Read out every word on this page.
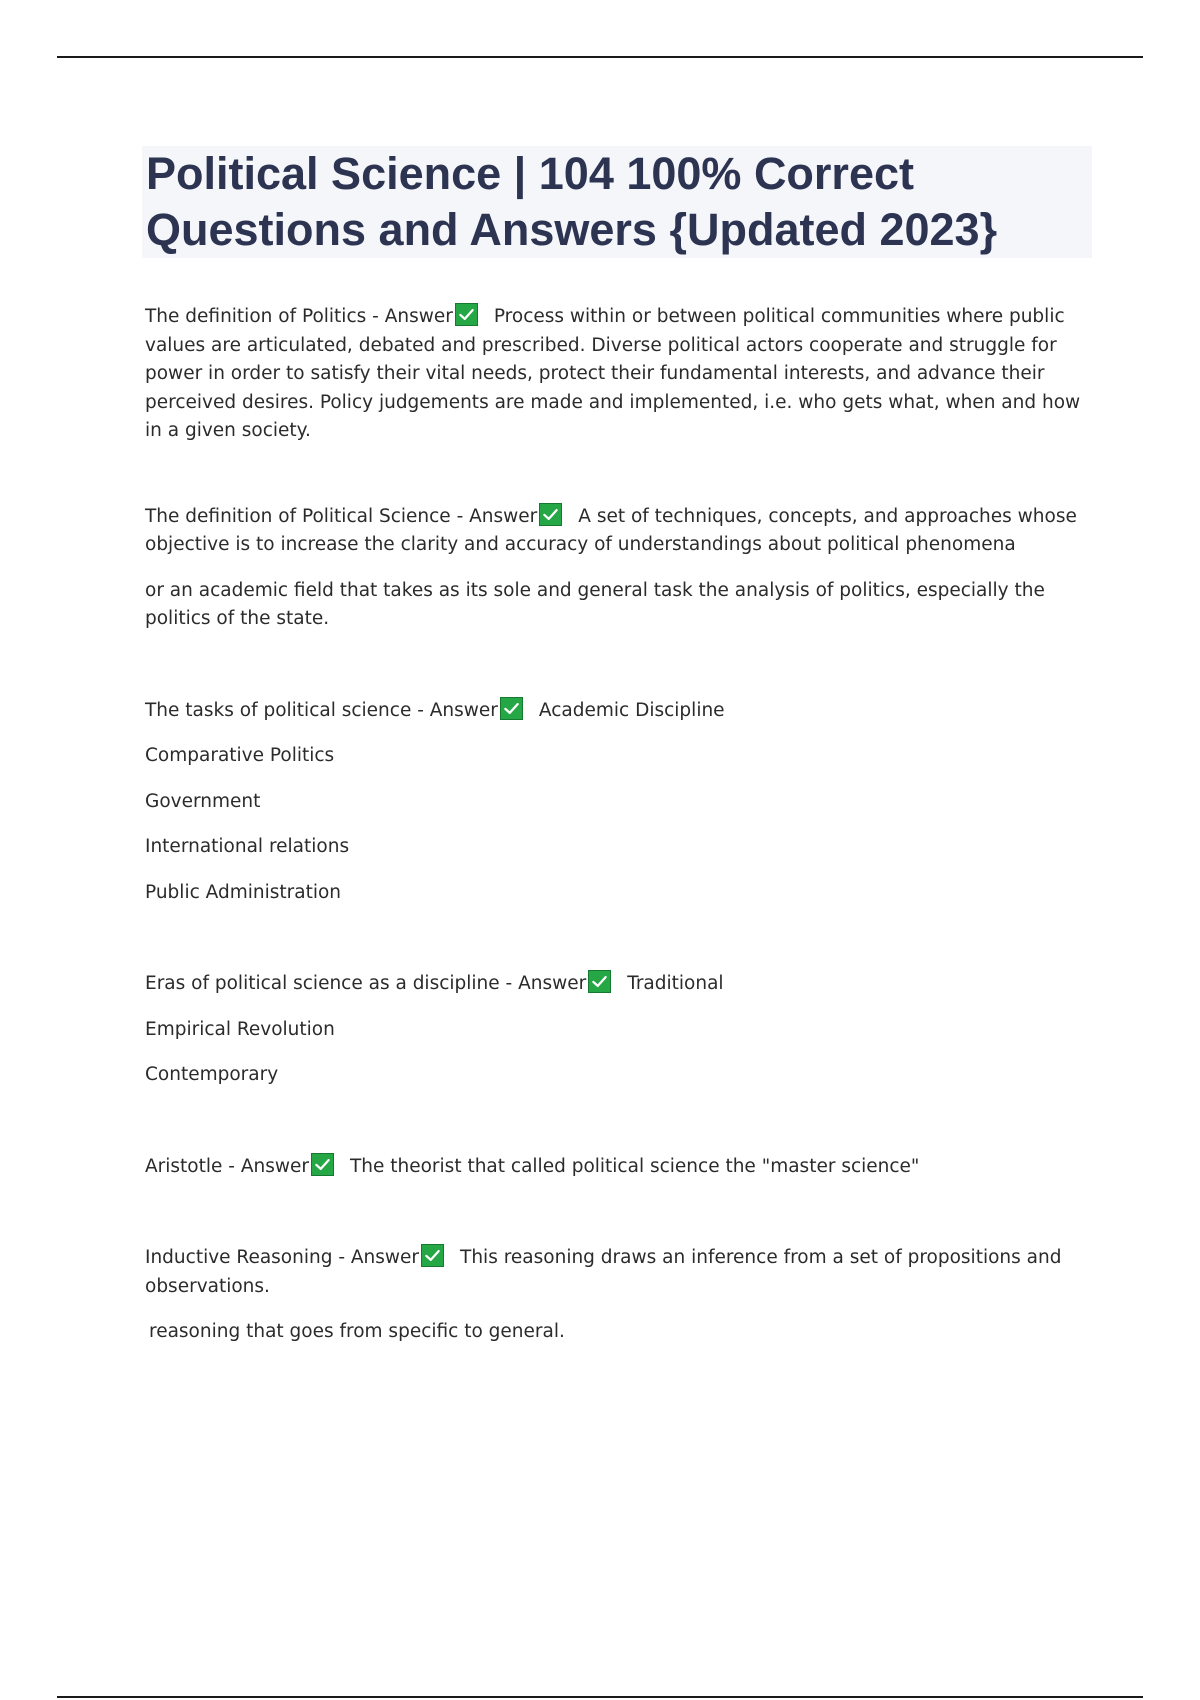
Political Science | 104 100% Correct Questions and Answers {Updated 2023}

The definition of Politics - Answer Process within or between political communities where public values are articulated, debated and prescribed. Diverse political actors cooperate and struggle for power in order to satisfy their vital needs, protect their fundamental interests, and advance their perceived desires. Policy judgements are made and implemented, i.e. who gets what, when and how in a given society.

The definition of Political Science - Answer A set of techniques, concepts, and approaches whose objective is to increase the clarity and accuracy of understandings about political phenomena

or an academic field that takes as its sole and general task the analysis of politics, especially the politics of the state.

The tasks of political science - Answer Academic Discipline

Comparative Politics

Government

International relations

Public Administration

Eras of political science as a discipline - Answer Traditional

Empirical Revolution

Contemporary

Aristotle - Answer The theorist that called political science the "master science"

Inductive Reasoning - Answer This reasoning draws an inference from a set of propositions and observations.

reasoning that goes from specific to general.
